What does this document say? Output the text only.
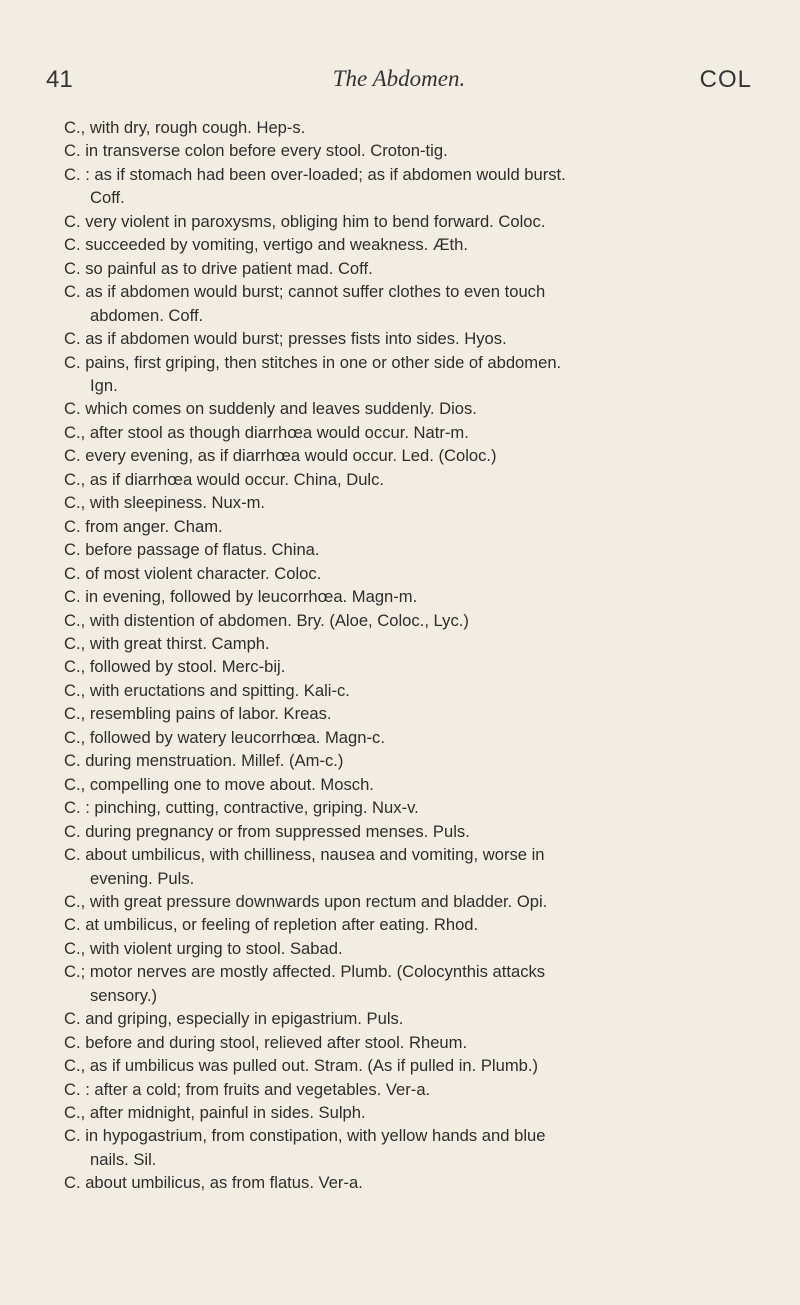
41	The Abdomen.	COL
C., with dry, rough cough. Hep-s.
C. in transverse colon before every stool. Croton-tig.
C. : as if stomach had been over-loaded; as if abdomen would burst.
Coff.
C. very violent in paroxysms, obliging him to bend forward. Coloc.
C. succeeded by vomiting, vertigo and weakness. Æth.
C. so painful as to drive patient mad. Coff.
C. as if abdomen would burst; cannot suffer clothes to even touch
abdomen. Coff.
C. as if abdomen would burst; presses fists into sides. Hyos.
C. pains, first griping, then stitches in one or other side of abdomen.
Ign.
C. which comes on suddenly and leaves suddenly. Dios.
C., after stool as though diarrhœa would occur. Natr-m.
C. every evening, as if diarrhœa would occur. Led. (Coloc.)
C., as if diarrhœa would occur. China, Dulc.
C., with sleepiness. Nux-m.
C. from anger. Cham.
C. before passage of flatus. China.
C. of most violent character. Coloc.
C. in evening, followed by leucorrhœa. Magn-m.
C., with distention of abdomen. Bry. (Aloe, Coloc., Lyc.)
C., with great thirst. Camph.
C., followed by stool. Merc-bij.
C., with eructations and spitting. Kali-c.
C., resembling pains of labor. Kreas.
C., followed by watery leucorrhœa. Magn-c.
C. during menstruation. Millef. (Am-c.)
C., compelling one to move about. Mosch.
C. : pinching, cutting, contractive, griping. Nux-v.
C. during pregnancy or from suppressed menses. Puls.
C. about umbilicus, with chilliness, nausea and vomiting, worse in
evening. Puls.
C., with great pressure downwards upon rectum and bladder. Opi.
C. at umbilicus, or feeling of repletion after eating. Rhod.
C., with violent urging to stool. Sabad.
C.; motor nerves are mostly affected. Plumb. (Colocynthis attacks
sensory.)
C. and griping, especially in epigastrium. Puls.
C. before and during stool, relieved after stool. Rheum.
C., as if umbilicus was pulled out. Stram. (As if pulled in. Plumb.)
C. : after a cold; from fruits and vegetables. Ver-a.
C., after midnight, painful in sides. Sulph.
C. in hypogastrium, from constipation, with yellow hands and blue
nails. Sil.
C. about umbilicus, as from flatus. Ver-a.
